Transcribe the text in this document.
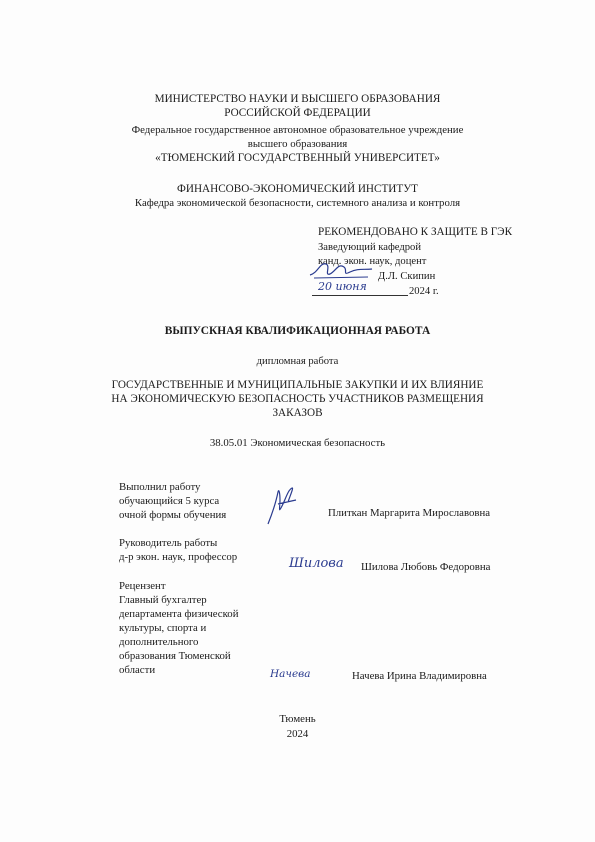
МИНИСТЕРСТВО НАУКИ И ВЫСШЕГО ОБРАЗОВАНИЯ
РОССИЙСКОЙ ФЕДЕРАЦИИ
Федеральное государственное автономное образовательное учреждение
высшего образования
«ТЮМЕНСКИЙ ГОСУДАРСТВЕННЫЙ УНИВЕРСИТЕТ»
ФИНАНСОВО-ЭКОНОМИЧЕСКИЙ ИНСТИТУТ
Кафедра экономической безопасности, системного анализа и контроля
РЕКОМЕНДОВАНО К ЗАЩИТЕ В ГЭК
Заведующий кафедрой
канд. экон. наук, доцент
Д.Л. Скипин
20 июня	2024 г.
ВЫПУСКНАЯ КВАЛИФИКАЦИОННАЯ РАБОТА
дипломная работа
ГОСУДАРСТВЕННЫЕ И МУНИЦИПАЛЬНЫЕ ЗАКУПКИ И ИХ ВЛИЯНИЕ
НА ЭКОНОМИЧЕСКУЮ БЕЗОПАСНОСТЬ УЧАСТНИКОВ РАЗМЕЩЕНИЯ
ЗАКАЗОВ
38.05.01 Экономическая безопасность
Выполнил работу
обучающийся 5 курса
очной формы обучения	Плиткан Маргарита Мирославовна
Руководитель работы
д-р экон. наук, профессор	Шилова Шилова Любовь Федоровна
Рецензент
Главный бухгалтер
департамента физической
культуры, спорта и
дополнительного
образования Тюменской
области	Начева	Начева Ирина Владимировна
Тюмень
2024
